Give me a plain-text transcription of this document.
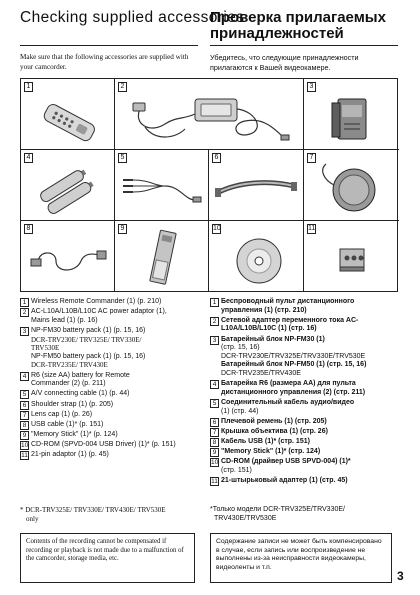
Checking supplied accessories
Проверка прилагаемых принадлежностей

Make sure that the following accessories are supplied with your camcorder.

Убедитесь, что следующие принадлежности прилагаются к Вашей видеокамере.

1	2	3
4	5	6	7
8	9	10	11
1 Wireless Remote Commander (1) (p. 210)
2 AC-L10A/L10B/L10C AC power adaptor (1),
Mains lead (1) (p. 16)
3 NP-FM30 battery pack (1) (p. 15, 16)
DCR-TRV230E/ TRV325E/ TRV330E/
TRV530E
NP-FM50 battery pack (1) (p. 15, 16)
DCR-TRV235E/ TRV430E
4 R6 (size AA) battery for Remote
Commander (2) (p. 211)
5 A/V connecting cable (1) (p. 44)
6 Shoulder strap (1) (p. 205)
7 Lens cap (1) (p. 26)
8 USB cable (1)* (p. 151)
9 "Memory Stick" (1)* (p. 124)
10 CD-ROM (SPVD-004 USB Driver) (1)* (p. 151)
11 21-pin adaptor (1) (p. 45)
1 Беспроводный пульт дистанционного
управления (1) (стр. 210)
2 Сетевой адаптер переменного тока AC-
L10A/L10B/L10C (1) (стр. 16)
3 Батарейный блок NP-FM30 (1)
(стр. 15, 16)
DCR-TRV230E/TRV325E/TRV330E/TRV530E
Батарейный блок NP-FM50 (1) (стр. 15, 16)
DCR-TRV235E/TRV430E
4 Батарейка R6 (размера АА) для пульта
дистанционного управления (2) (стр. 211)
5 Соединительный кабель аудио/видео
(1) (стр. 44)
6 Плечевой ремень (1) (стр. 205)
7 Крышка объектива (1) (стр. 26)
8 Кабель USB (1)* (стр. 151)
9 "Memory Stick" (1)* (стр. 124)
10 CD-ROM (драйвер USB SPVD-004) (1)*
(стр. 151)
11 21-штырьковый адаптер (1) (стр. 45)
* DCR-TRV325E/ TRV330E/ TRV430E/ TRV530E
only
*Только модели DCR-TRV325E/TRV330E/
TRV430E/TRV530E
Contents of the recording cannot be compensated if recording or playback is not made due to a malfunction of the camcorder, storage media, etc.
Содержание записи не может быть компенсировано в случае, если запись или воспроизведение не выполнены из-за неисправности видеокамеры, видеоленты и т.п.
3
